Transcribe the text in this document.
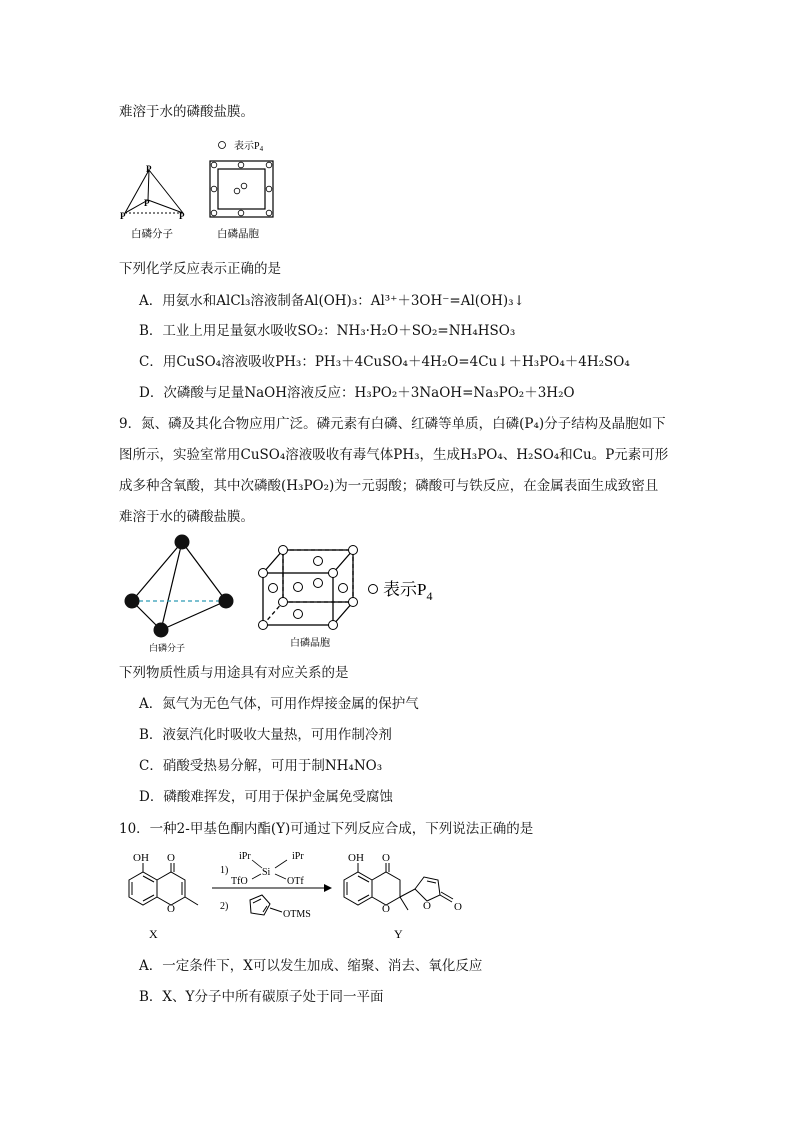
难溶于水的磷酸盐膜。
P
P	P
P
白磷分子
表示$P_4$
白磷晶胞
下列化学反应表示正确的是
A．用氨水和AlCl₃溶液制备Al(OH)₃：Al³⁺＋3OH⁻=Al(OH)₃↓
B．工业上用足量氨水吸收SO₂：NH₃·H₂O＋SO₂=NH₄HSO₃
C．用CuSO₄溶液吸收PH₃：PH₃＋4CuSO₄＋4H₂O=4Cu↓＋H₃PO₄＋4H₂SO₄
D．次磷酸与足量NaOH溶液反应：H₃PO₂＋3NaOH=Na₃PO₂＋3H₂O
9．氮、磷及其化合物应用广泛。磷元素有白磷、红磷等单质，白磷(P₄)分子结构及晶胞如下
图所示，实验室常用CuSO₄溶液吸收有毒气体PH₃，生成H₃PO₄、H₂SO₄和Cu。P元素可形
成多种含氧酸，其中次磷酸(H₃PO₂)为一元弱酸；磷酸可与铁反应，在金属表面生成致密且
难溶于水的磷酸盐膜。
白磷分子	白磷晶胞
表示$P_4$
下列物质性质与用途具有对应关系的是
A．氮气为无色气体，可用作焊接金属的保护气
B．液氨汽化时吸收大量热，可用作制冷剂
C．硝酸受热易分解，可用于制NH₄NO₃
D．磷酸难挥发，可用于保护金属免受腐蚀
10．一种2-甲基色酮内酯(Y)可通过下列反应合成，下列说法正确的是
OH O
O
X
iPr	iPr
Si
1)
TfO	OTf
2)
OTMS
OH O
O	O O
Y
A．一定条件下，X可以发生加成、缩聚、消去、氧化反应
B．X、Y分子中所有碳原子处于同一平面
